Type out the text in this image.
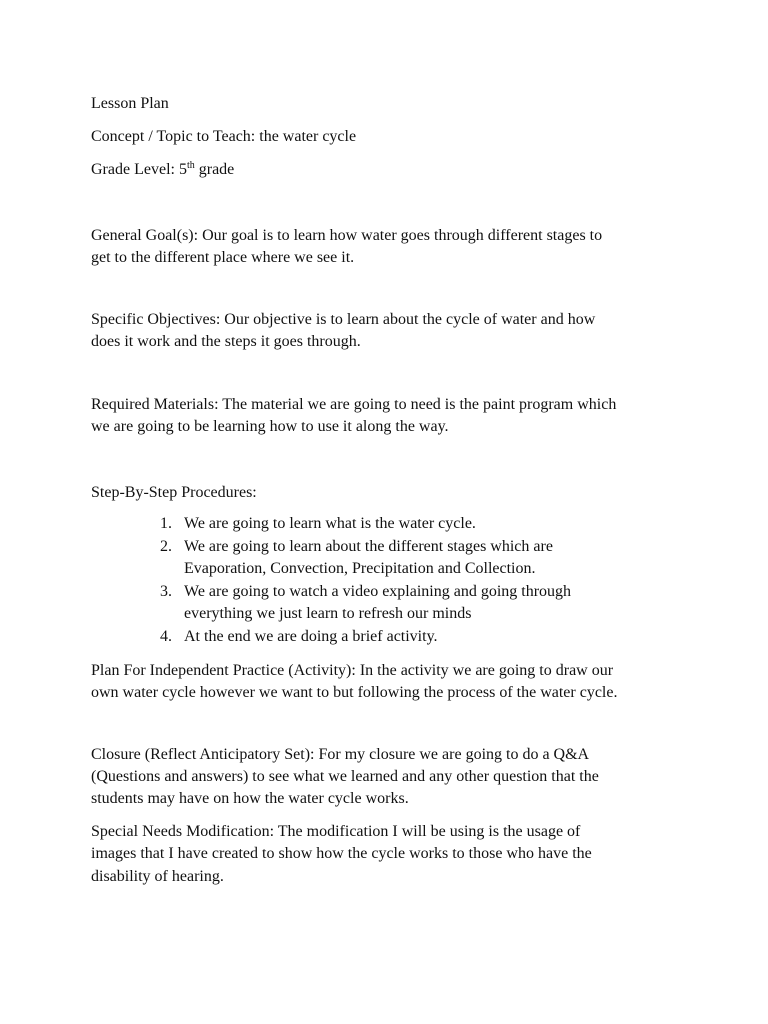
Lesson Plan

Concept / Topic to Teach: the water cycle

Grade Level: 5th grade

General Goal(s): Our goal is to learn how water goes through different stages to

get to the different place where we see it.

Specific Objectives: Our objective is to learn about the cycle of water and how

does it work and the steps it goes through.

Required Materials: The material we are going to need is the paint program which

we are going to be learning how to use it along the way.

Step-By-Step Procedures:

1. We are going to learn what is the water cycle.
2. We are going to learn about the different stages which are
Evaporation, Convection, Precipitation and Collection.
3. We are going to watch a video explaining and going through
everything we just learn to refresh our minds
4. At the end we are doing a brief activity.

Plan For Independent Practice (Activity): In the activity we are going to draw our

own water cycle however we want to but following the process of the water cycle.

Closure (Reflect Anticipatory Set): For my closure we are going to do a Q&A

(Questions and answers) to see what we learned and any other question that the

students may have on how the water cycle works.

Special Needs Modification: The modification I will be using is the usage of

images that I have created to show how the cycle works to those who have the

disability of hearing.
